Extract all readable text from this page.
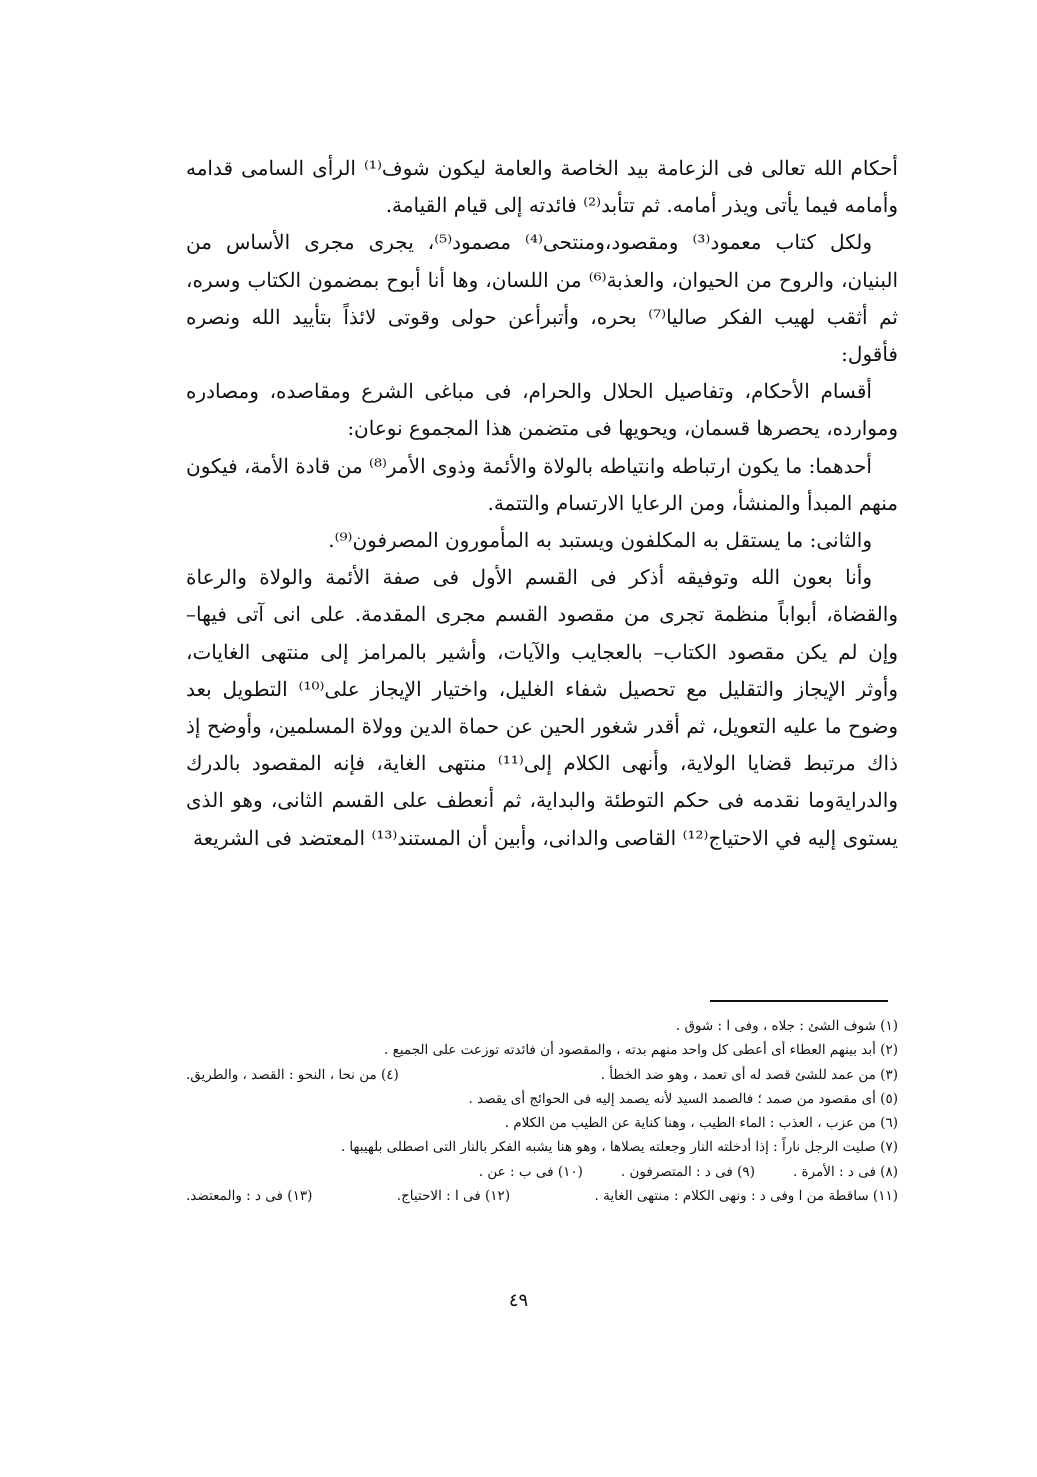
أحكام الله تعالى فى الزعامة بيد الخاصة والعامة ليكون شوف⁽¹⁾ الرأى السامى قدامه وأمامه فيما يأتى ويذر أمامه. ثم تتأبد⁽²⁾ فائدته إلى قيام القيامة.

ولكل كتاب معمود⁽³⁾ ومقصود،ومنتحى⁽⁴⁾ مصمود⁽⁵⁾، يجرى مجرى الأساس من البنيان، والروح من الحيوان، والعذبة⁽⁶⁾ من اللسان، وها أنا أبوح بمضمون الكتاب وسره، ثم أثقب لهيب الفكر صاليا⁽⁷⁾ بحره، وأتبرأعن حولى وقوتى لائذاً بتأييد الله ونصره فأقول:

أقسام الأحكام، وتفاصيل الحلال والحرام، فى مباغى الشرع ومقاصده، ومصادره وموارده، يحصرها قسمان، ويحويها فى متضمن هذا المجموع نوعان:

أحدهما: ما يكون ارتباطه وانتياطه بالولاة والأئمة وذوى الأمر⁽⁸⁾ من قادة الأمة، فيكون منهم المبدأ والمنشأ، ومن الرعايا الارتسام والتتمة.

والثانى: ما يستقل به المكلفون ويستبد به المأمورون المصرفون⁽⁹⁾.

وأنا بعون الله وتوفيقه أذكر فى القسم الأول فى صفة الأئمة والولاة والرعاة والقضاة، أبواباً منظمة تجرى من مقصود القسم مجرى المقدمة. على انى آتى فيها– وإن لم يكن مقصود الكتاب– بالعجايب والآيات، وأشير بالمرامز إلى منتهى الغايات، وأوثر الإيجاز والتقليل مع تحصيل شفاء الغليل، واختيار الإيجاز على⁽¹⁰⁾ التطويل بعد وضوح ما عليه التعويل، ثم أقدر شغور الحين عن حماة الدين وولاة المسلمين، وأوضح إذ ذاك مرتبط قضايا الولاية، وأنهى الكلام إلى⁽¹¹⁾ منتهى الغاية، فإنه المقصود بالدرك والدرايةوما نقدمه فى حكم التوطئة والبداية، ثم أنعطف على القسم الثانى، وهو الذى يستوى إليه في الاحتياج⁽¹²⁾ القاصى والدانى، وأبين أن المستند⁽¹³⁾ المعتضد فى الشريعة

(١) شوف الشئ : جلاه ، وفى ا : شوق .
(٢) أبد بينهم العطاء أى أعطى كل واحد منهم بدته ، والمقصود أن فائدته توزعت على الجميع .
(٣) من عمد للشئ قصد له أى تعمد ، وهو ضد الخطأ .
(٤) من نحا ، النحو : القصد ، والطريق.
(٥) أى مقصود من صمد ؛ فالصمد السيد لأنه يصمد إليه فى الحوائج أى يقصد .
(٦) من عزب ، العذب : الماء الطيب ، وهنا كناية عن الطيب من الكلام .
(٧) صليت الرجل ناراً : إذا أدخلته النار وجعلته يصلاها ، وهو هنا يشبه الفكر بالنار التى اصطلى بلهيبها .
(٨) فى د : الأمرة .
(٩) فى د : المتصرفون .
(١٠) فى ب : عن .
(١١) ساقطة من ا وفى د : ونهى الكلام : منتهى الغاية .
(١٢) فى ا : الاحتياج.
(١٣) فى د : والمعتضد.
٤٩
